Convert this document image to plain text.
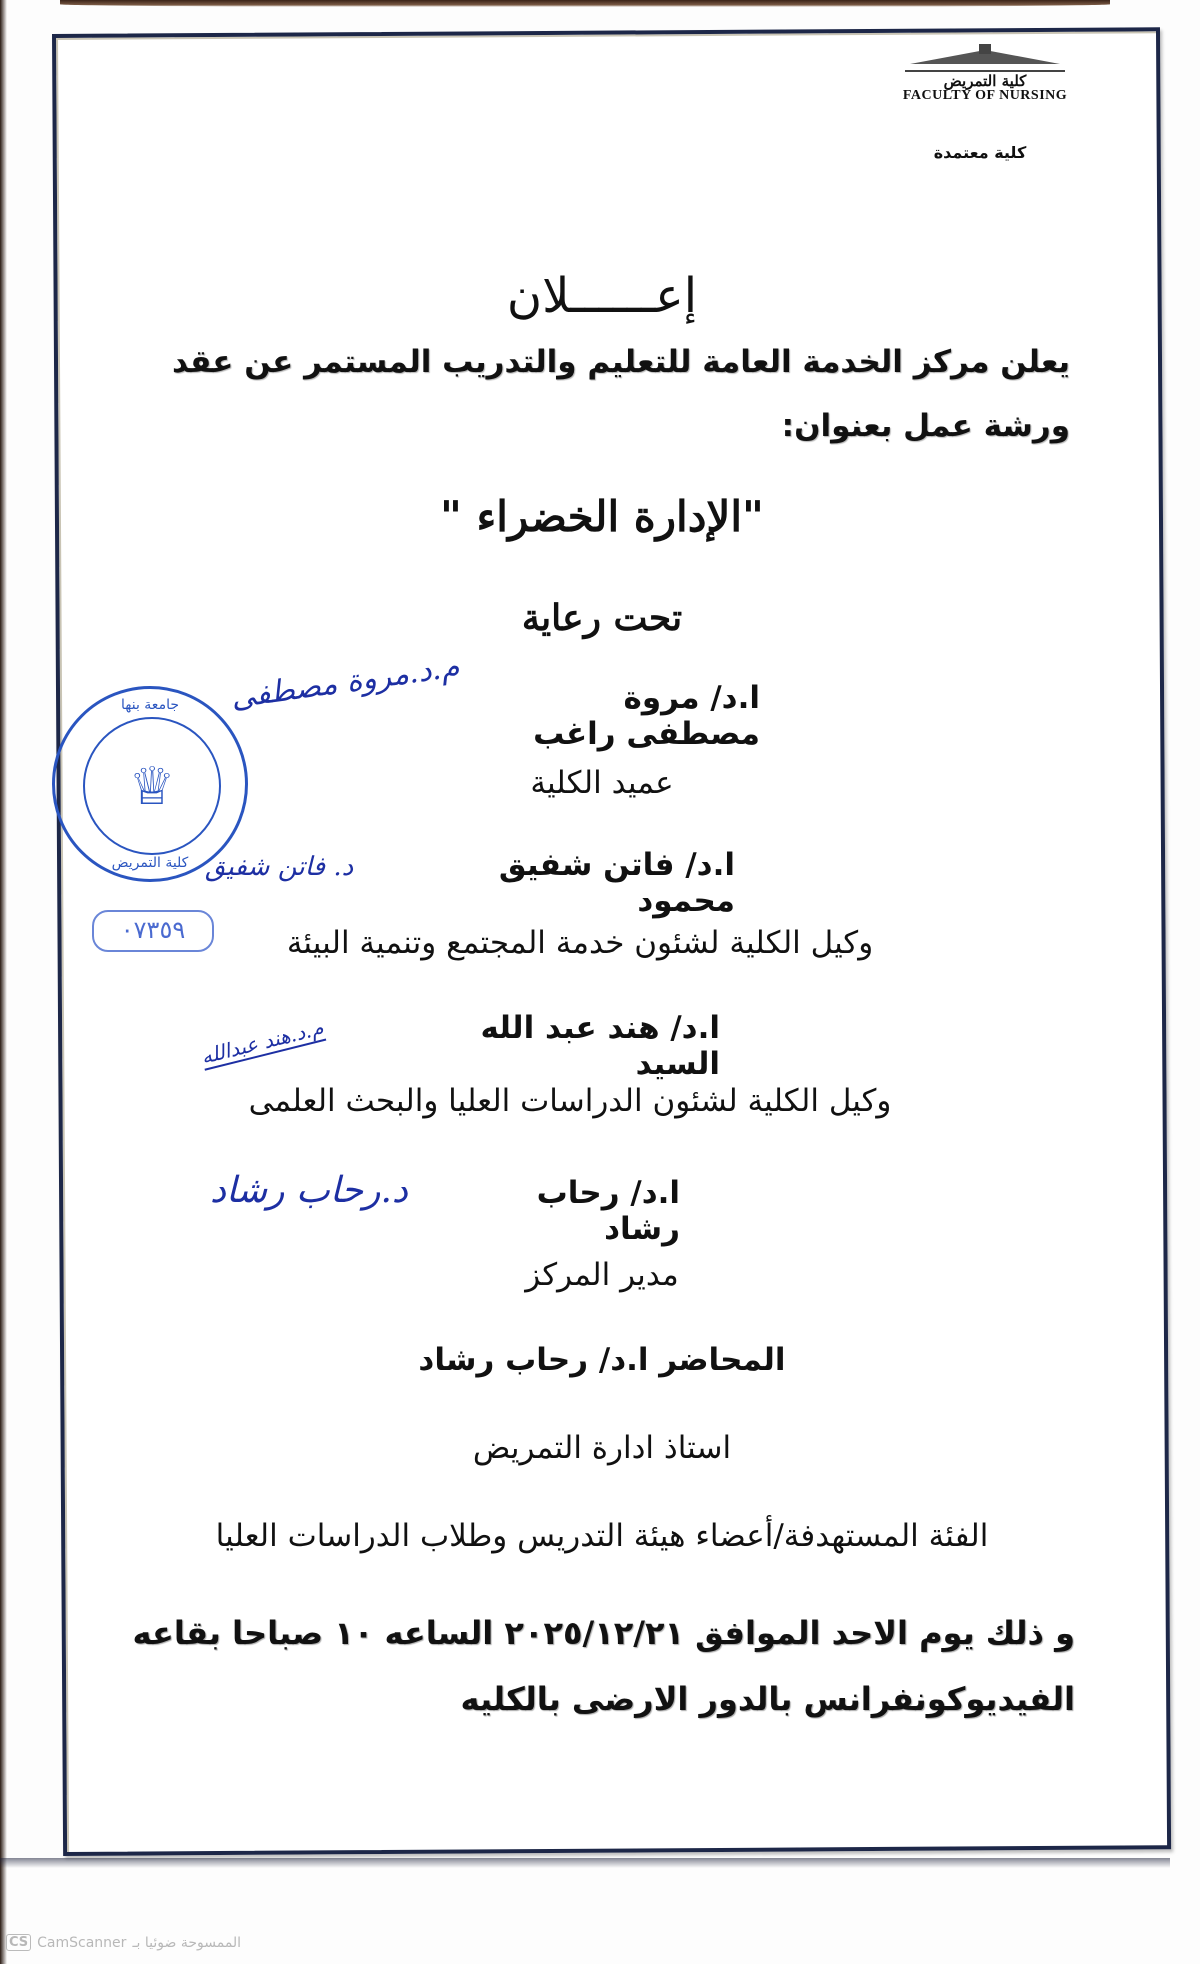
كلية التمريض
FACULTY OF NURSING
كلية معتمدة
إعــــــلان
يعلن مركز الخدمة العامة للتعليم والتدريب المستمر عن عقد ورشة عمل بعنوان:
"الإدارة الخضراء "
تحت رعاية
ا.د/ مروة مصطفى راغب
م.د.مروة مصطفى
عميد الكلية
ا.د/ فاتن شفيق محمود
د. فاتن شفيق
وكيل الكلية لشئون خدمة المجتمع وتنمية البيئة
ا.د/ هند عبد الله السيد
م.د.هند عبدالله
وكيل الكلية لشئون الدراسات العليا والبحث العلمى
ا.د/ رحاب رشاد
د.رحاب رشاد
مدير المركز
المحاضر ا.د/ رحاب رشاد
استاذ ادارة التمريض
الفئة المستهدفة/أعضاء هيئة التدريس وطلاب الدراسات العليا
و ذلك يوم الاحد الموافق ٢٠٢٥/١٢/٢١ الساعه ١٠ صباحا بقاعه
الفيديوكونفرانس بالدور الارضى بالكليه
جامعة بنها
♕
كلية التمريض
٠٧٣٥٩
CS CamScanner الممسوحة ضوئيا بـ
